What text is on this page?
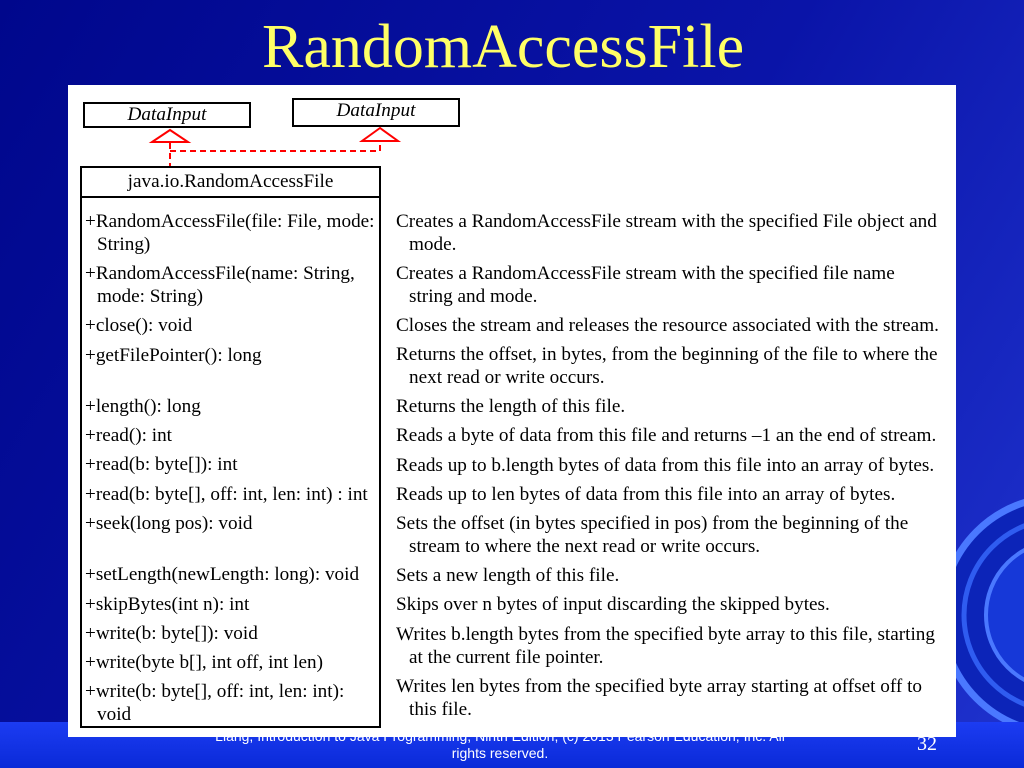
rights reserved.
RandomAccessFile
DataInput	DataInput
java.io.RandomAccessFile
+RandomAccessFile(file: File, mode:
String)
+RandomAccessFile(name: String,
mode: String)
+close(): void
+getFilePointer(): long
+length(): long
+read(): int
+read(b: byte[]): int
+read(b: byte[], off: int, len: int) : int
+seek(long pos): void
+setLength(newLength: long): void
+skipBytes(int n): int
+write(b: byte[]): void
+write(byte b[], int off, int len)
+write(b: byte[], off: int, len: int):
void
Creates a RandomAccessFile stream with the specified File object and
mode.
Creates a RandomAccessFile stream with the specified file name
string and mode.
Closes the stream and releases the resource associated with the stream.
Returns the offset, in bytes, from the beginning of the file to where the
next read or write occurs.
Returns the length of this file.
Reads a byte of data from this file and returns –1 an the end of stream.
Reads up to b.length bytes of data from this file into an array of bytes.
Reads up to len bytes of data from this file into an array of bytes.
Sets the offset (in bytes specified in pos) from the beginning of the
stream to where the next read or write occurs.
Sets a new length of this file.
Skips over n bytes of input discarding the skipped bytes.
Writes b.length bytes from the specified byte array to this file, starting
at the current file pointer.
Writes len bytes from the specified byte array starting at offset off to
this file.
32
